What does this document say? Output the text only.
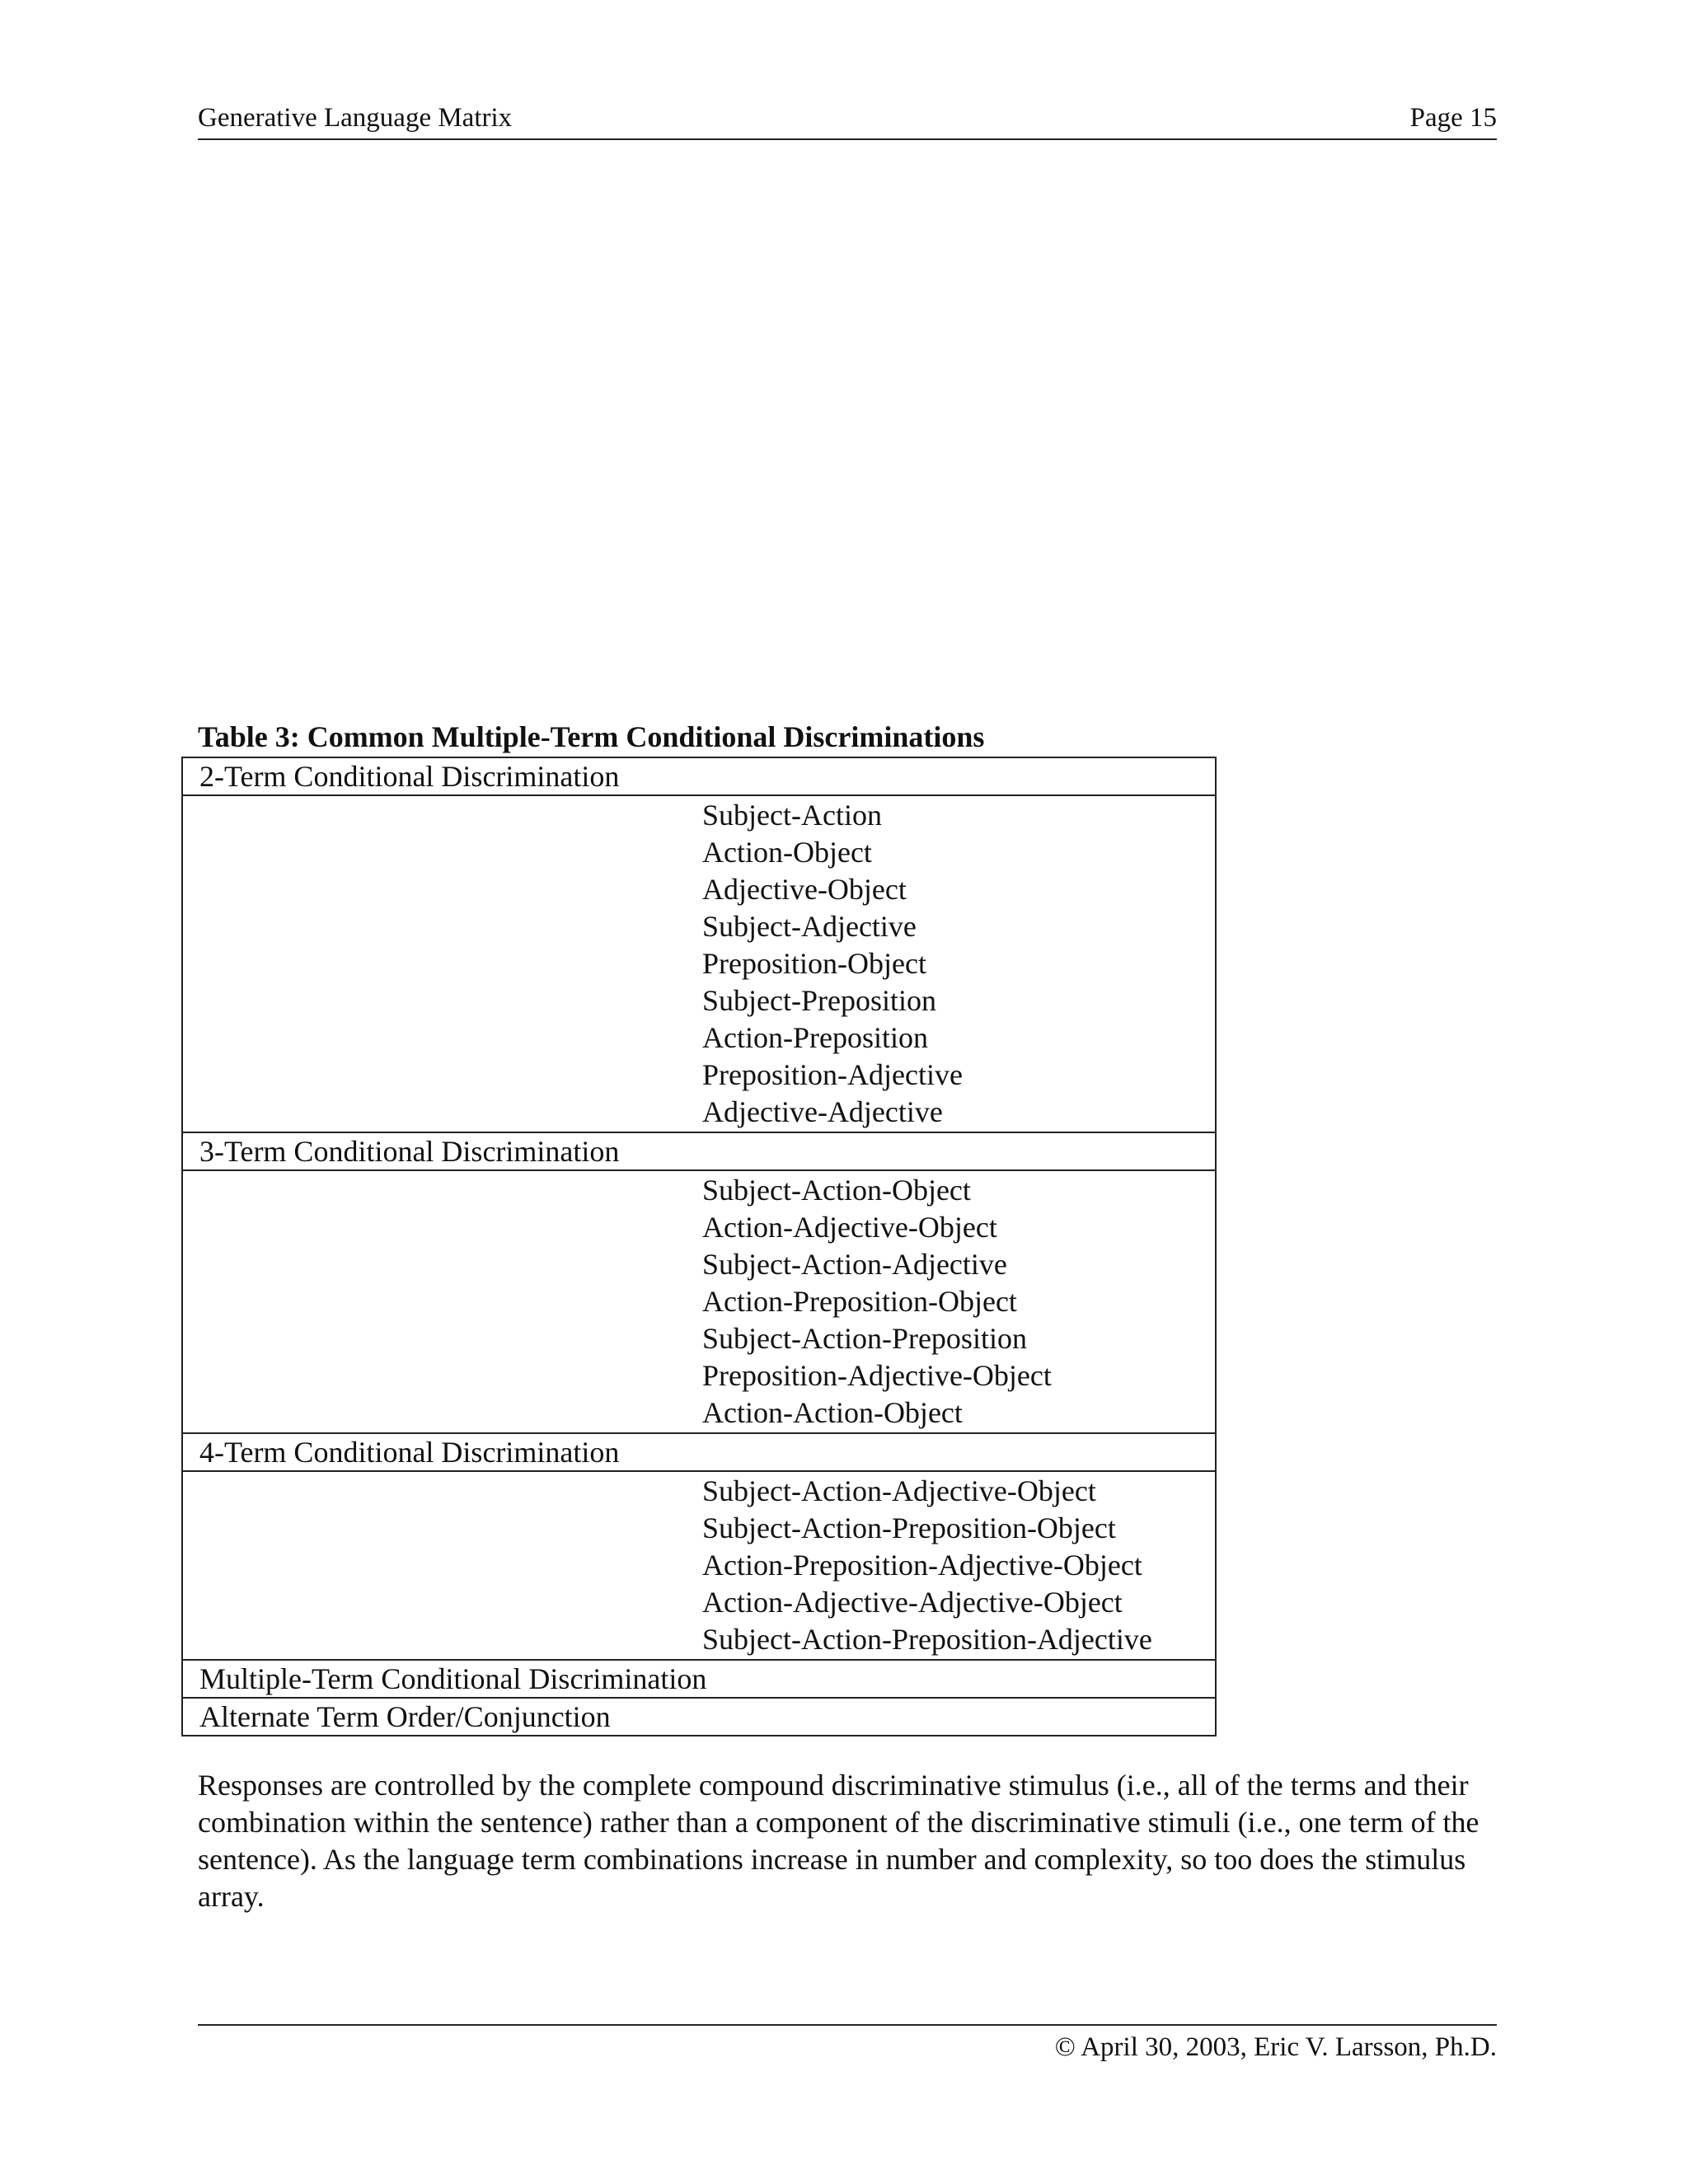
Generative Language Matrix	Page 15
Table 3: Common Multiple-Term Conditional Discriminations
2-Term Conditional Discrimination

Subject-Action
Action-Object
Adjective-Object
Subject-Adjective
Preposition-Object
Subject-Preposition
Action-Preposition
Preposition-Adjective
Adjective-Adjective

3-Term Conditional Discrimination

Subject-Action-Object
Action-Adjective-Object
Subject-Action-Adjective
Action-Preposition-Object
Subject-Action-Preposition
Preposition-Adjective-Object
Action-Action-Object

4-Term Conditional Discrimination

Subject-Action-Adjective-Object
Subject-Action-Preposition-Object
Action-Preposition-Adjective-Object
Action-Adjective-Adjective-Object
Subject-Action-Preposition-Adjective

Multiple-Term Conditional Discrimination
Alternate Term Order/Conjunction

Responses are controlled by the complete compound discriminative stimulus (i.e., all of the terms and their combination within the sentence) rather than a component of the discriminative stimuli (i.e., one term of the sentence). As the language term combinations increase in number and complexity, so too does the stimulus array.

© April 30, 2003, Eric V. Larsson, Ph.D.
